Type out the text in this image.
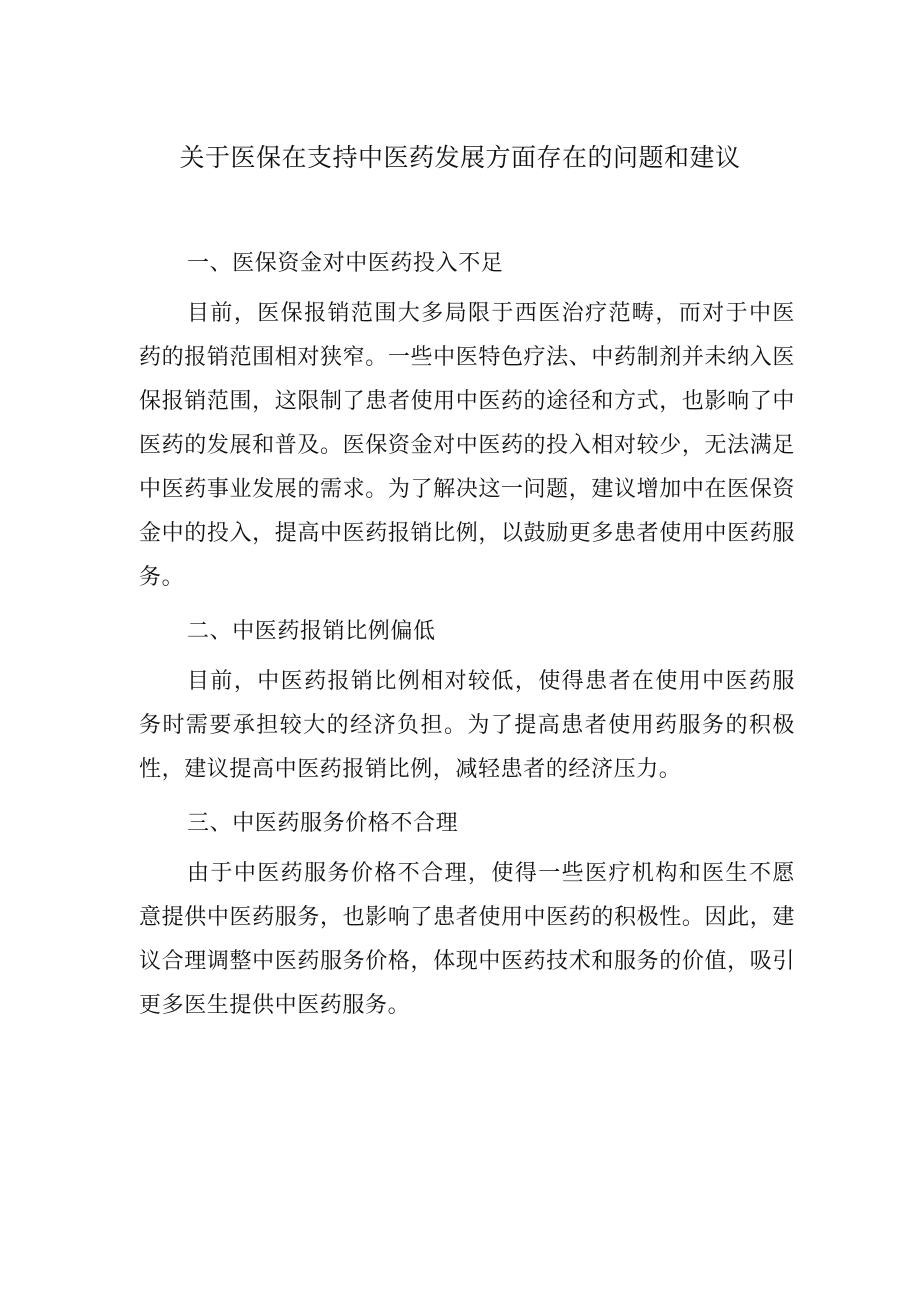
关于医保在支持中医药发展方面存在的问题和建议

一、医保资金对中医药投入不足

目前，医保报销范围大多局限于西医治疗范畴，而对于中医药的报销范围相对狭窄。一些中医特色疗法、中药制剂并未纳入医保报销范围，这限制了患者使用中医药的途径和方式，也影响了中医药的发展和普及。医保资金对中医药的投入相对较少，无法满足中医药事业发展的需求。为了解决这一问题，建议增加中在医保资金中的投入，提高中医药报销比例，以鼓励更多患者使用中医药服务。

二、中医药报销比例偏低

目前，中医药报销比例相对较低，使得患者在使用中医药服务时需要承担较大的经济负担。为了提高患者使用药服务的积极性，建议提高中医药报销比例，减轻患者的经济压力。

三、中医药服务价格不合理

由于中医药服务价格不合理，使得一些医疗机构和医生不愿意提供中医药服务，也影响了患者使用中医药的积极性。因此，建议合理调整中医药服务价格，体现中医药技术和服务的价值，吸引更多医生提供中医药服务。
